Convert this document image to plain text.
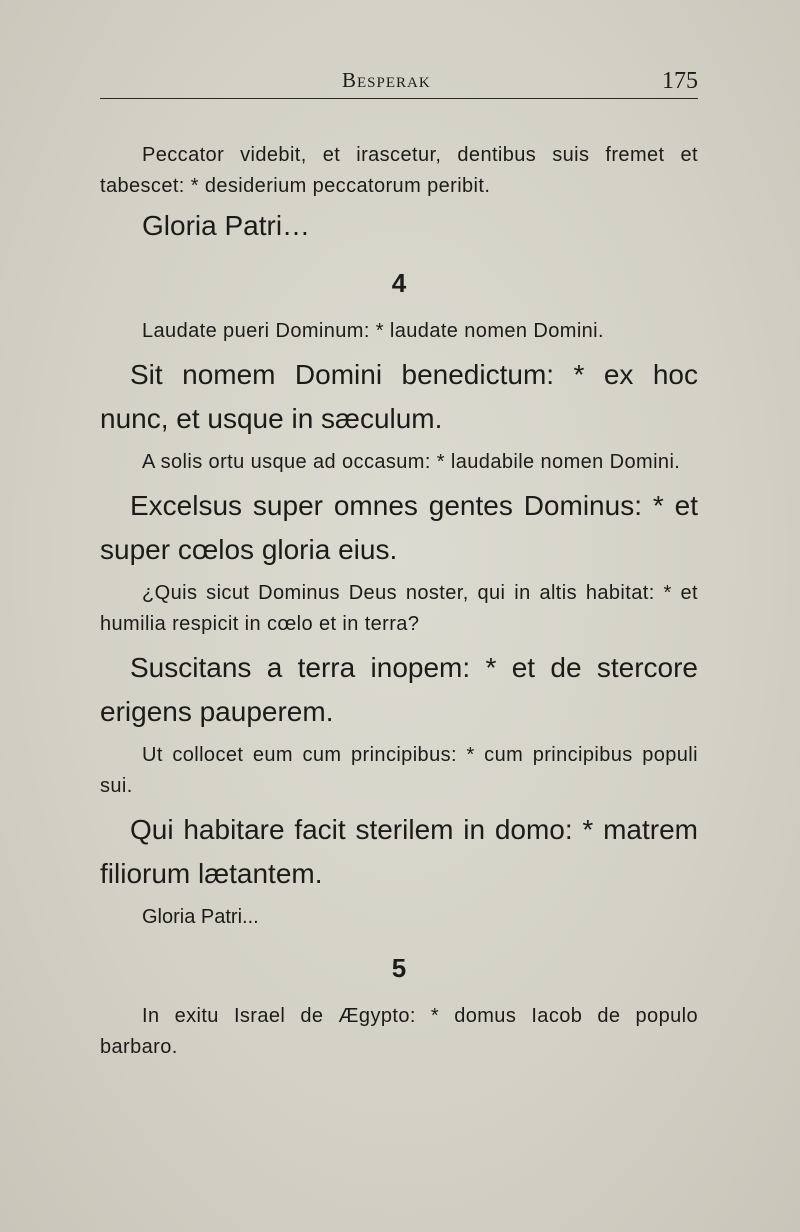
Besperak	175

Peccator videbit, et irascetur, dentibus suis fremet et tabescet: * desiderium peccatorum peribit.

Gloria Patri…

4

Laudate pueri Dominum: * laudate nomen Domini.

Sit nomem Domini benedictum: * ex hoc nunc, et usque in sæculum.

A solis ortu usque ad occasum: * laudabile nomen Domini.

Excelsus super omnes gentes Dominus: * et super cœlos gloria eius.

¿Quis sicut Dominus Deus noster, qui in altis habitat: * et humilia respicit in cœlo et in terra?

Suscitans a terra inopem: * et de stercore erigens pauperem.

Ut collocet eum cum principibus: * cum principibus populi sui.

Qui habitare facit sterilem in domo: * matrem filiorum lætantem.

Gloria Patri...

5

In exitu Israel de Ægypto: * domus Iacob de populo barbaro.
